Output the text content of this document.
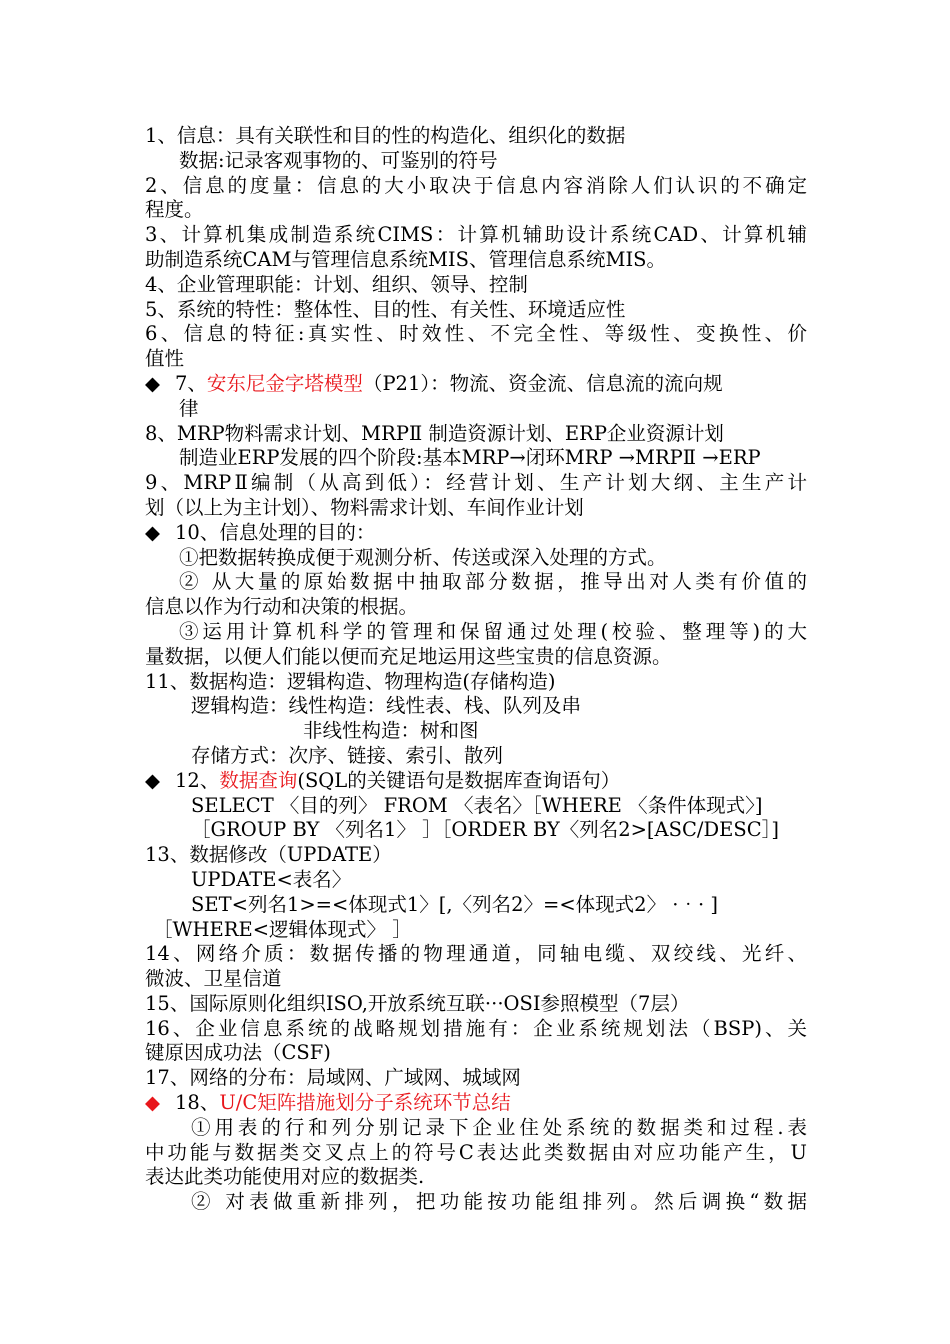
1、信息：具有关联性和目的性的构造化、组织化的数据
数据:记录客观事物的、可鉴别的符号
2、信息的度量：信息的大小取决于信息内容消除人们认识的不确定
程度。
3、计算机集成制造系统CIMS：计算机辅助设计系统CAD、计算机辅
助制造系统CAM与管理信息系统MIS、管理信息系统MIS。
4、企业管理职能：计划、组织、领导、控制
5、系统的特性：整体性、目的性、有关性、环境适应性
6、信息的特征:真实性、时效性、不完全性、等级性、变换性、价
值性
◆ 7、安东尼金字塔模型（P21）：物流、资金流、信息流的流向规
律
8、MRP物料需求计划、MRPⅡ 制造资源计划、ERP企业资源计划
制造业ERP发展的四个阶段:基本MRP→闭环MRP →MRPⅡ →ERP
9、MRPⅡ编制（从高到低）：经营计划、生产计划大纲、主生产计
划（以上为主计划）、物料需求计划、车间作业计划
◆ 10、信息处理的目的：
①把数据转换成便于观测分析、传送或深入处理的方式。
② 从大量的原始数据中抽取部分数据，推导出对人类有价值的
信息以作为行动和决策的根据。
③运用计算机科学的管理和保留通过处理(校验、整理等)的大
量数据，以便人们能以便而充足地运用这些宝贵的信息资源。
11、数据构造：逻辑构造、物理构造(存储构造)
逻辑构造：线性构造：线性表、栈、队列及串
非线性构造：树和图
存储方式：次序、链接、索引、散列
◆ 12、数据查询(SQL的关键语句是数据库查询语句）
SELECT 〈目的列〉 FROM 〈表名〉［WHERE 〈条件体现式〉]
［GROUP BY 〈列名1〉 ］［ORDER BY〈列名2>[ASC/DESC］]
13、数据修改（UPDATE）
UPDATE<表名〉
SET<列名1>=<体现式1〉[,〈列名2〉=<体现式2〉 ·‧· ]
［WHERE<逻辑体现式〉 ］
14、网络介质：数据传播的物理通道，同轴电缆、双绞线、光纤、
微波、卫星信道
15、国际原则化组织ISO,开放系统互联···OSI参照模型（7层）
16、企业信息系统的战略规划措施有：企业系统规划法（BSP)、关
键原因成功法（CSF)
17、网络的分布：局域网、广域网、城域网
◆ 18、U/C矩阵措施划分子系统环节总结
①用表的行和列分别记录下企业住处系统的数据类和过程.表
中功能与数据类交叉点上的符号C表达此类数据由对应功能产生，U
表达此类功能使用对应的数据类.
② 对表做重新排列，把功能按功能组排列。然后调换“数据
